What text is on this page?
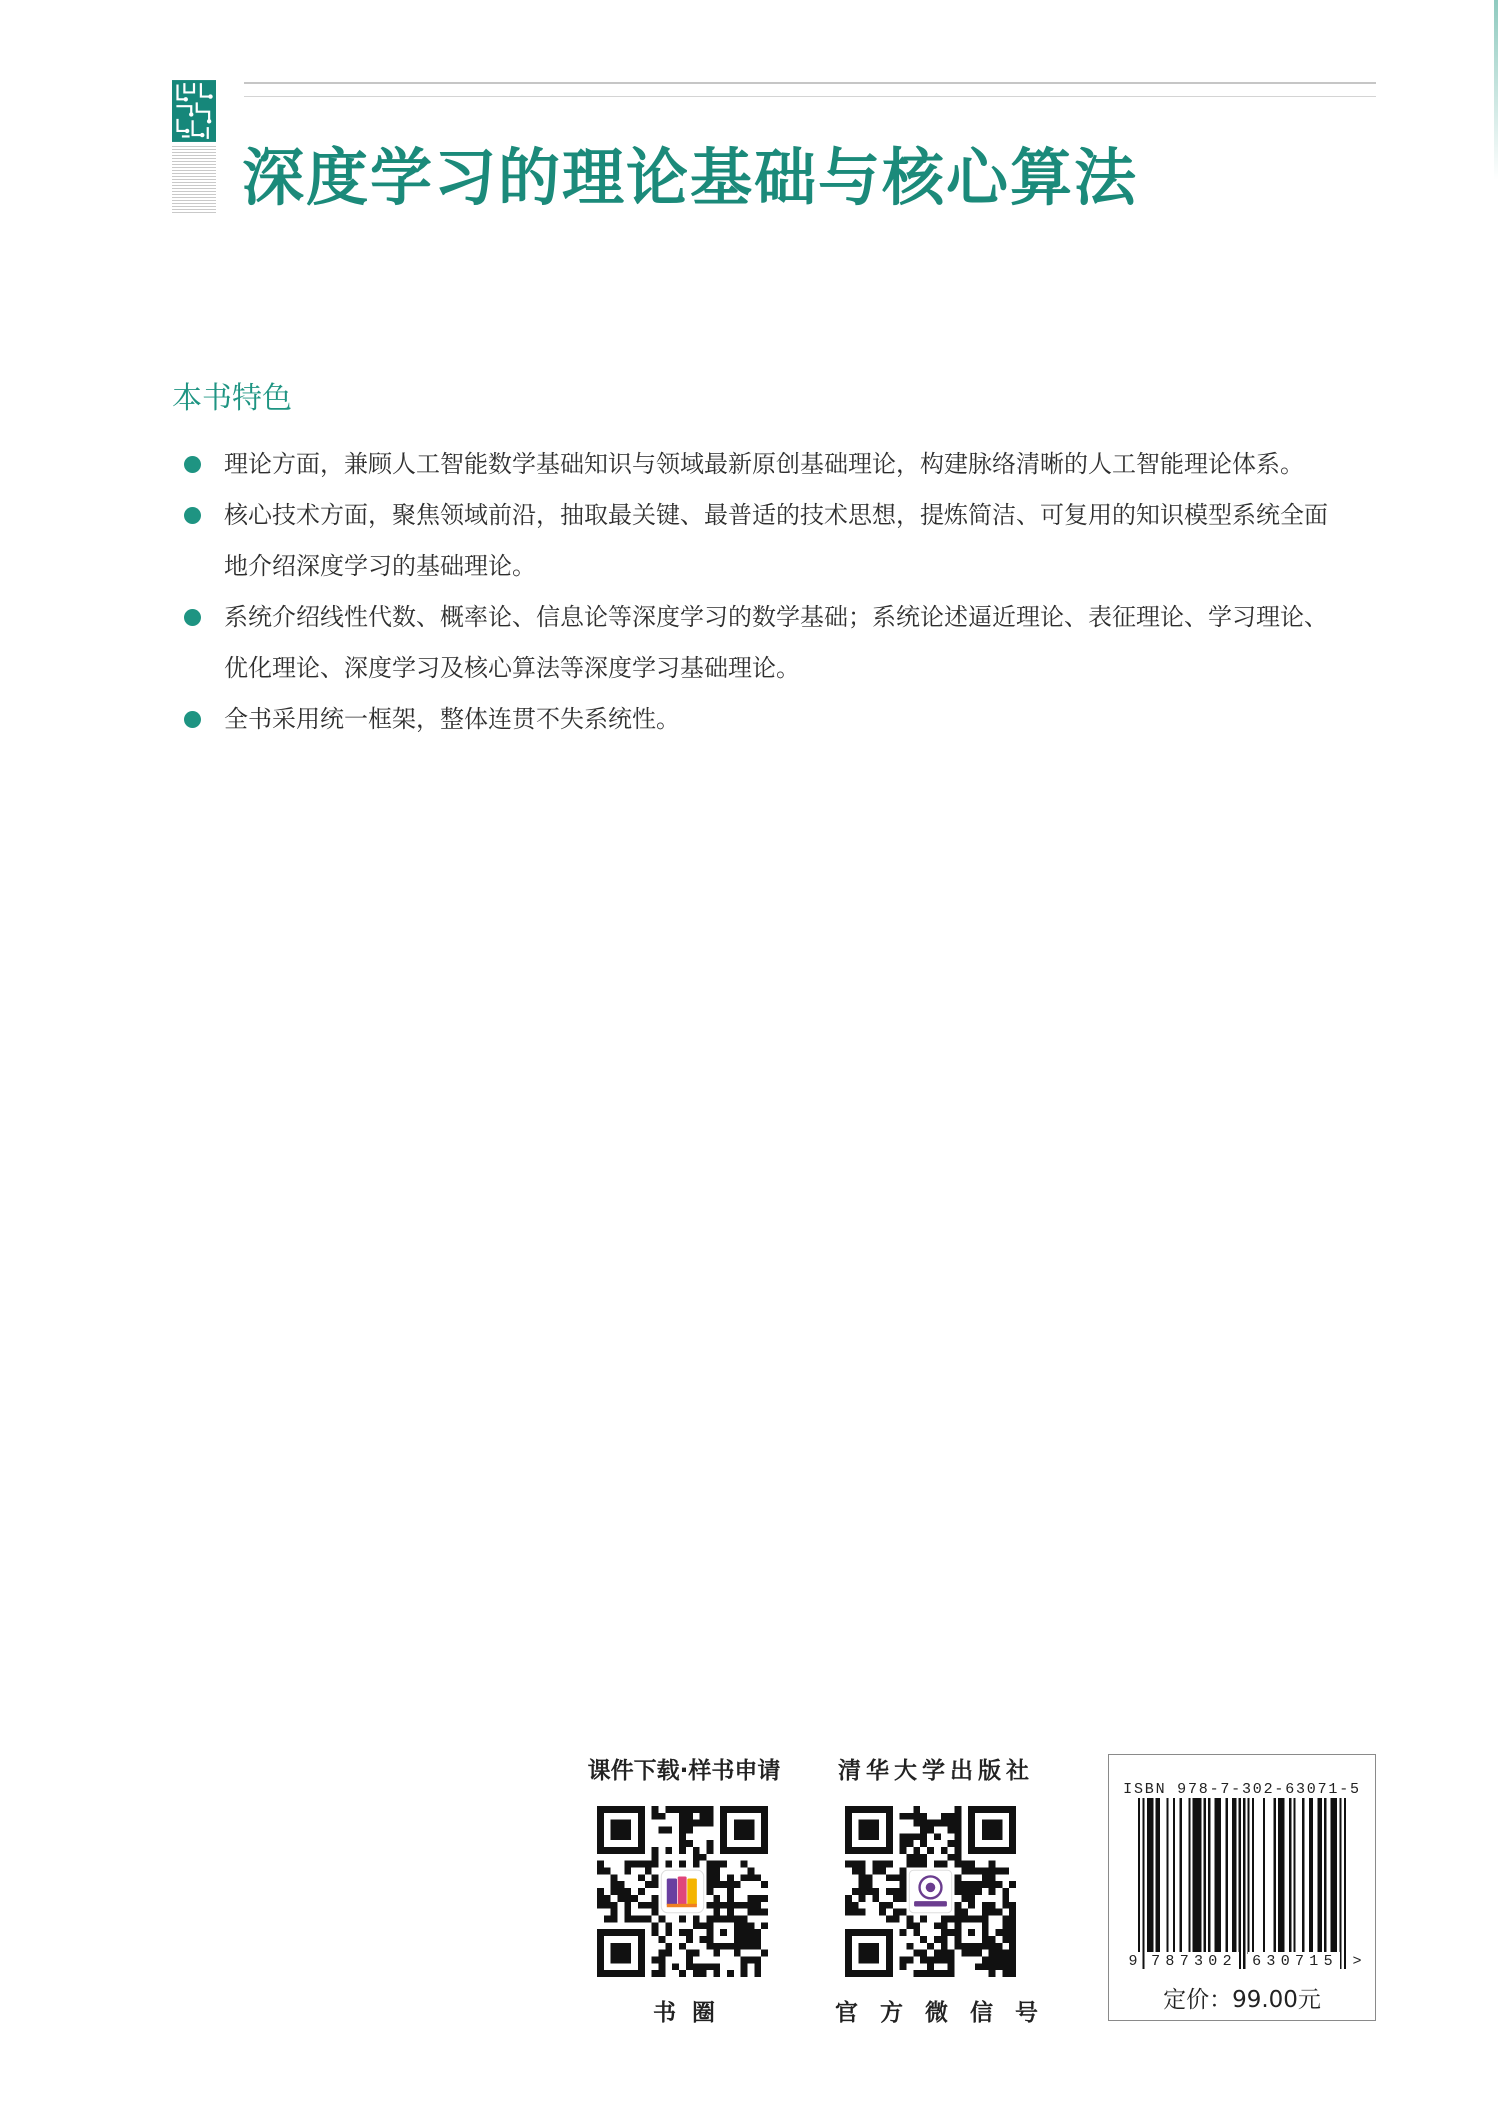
深度学习的理论基础与核心算法
本书特色
理论方面，兼顾人工智能数学基础知识与领域最新原创基础理论，构建脉络清晰的人工智能理论体系。
核心技术方面，聚焦领域前沿，抽取最关键、最普适的技术思想，提炼简洁、可复用的知识模型系统全面
地介绍深度学习的基础理论。
系统介绍线性代数、概率论、信息论等深度学习的数学基础；系统论述逼近理论、表征理论、学习理论、
优化理论、深度学习及核心算法等深度学习基础理论。
全书采用统一框架，整体连贯不失系统性。
课件下载·样书申请
书 圈
清华大学出版社
官 方 微 信 号
ISBN 978-7-302-63071-5
9 787302 630715 >
定价：99.00元
